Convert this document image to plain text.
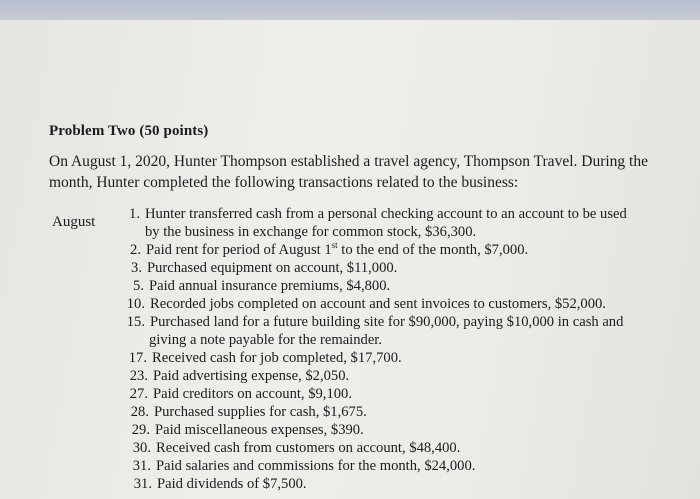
Problem Two (50 points)
On August 1, 2020, Hunter Thompson established a travel agency, Thompson Travel. During the month, Hunter completed the following transactions related to the business:
August	1. Hunter transferred cash from a personal checking account to an account to be used
by the business in exchange for common stock, $36,300.
2. Paid rent for period of August 1st to the end of the month, $7,000.
3. Purchased equipment on account, $11,000.
5. Paid annual insurance premiums, $4,800.
10. Recorded jobs completed on account and sent invoices to customers, $52,000.
15. Purchased land for a future building site for $90,000, paying $10,000 in cash and
giving a note payable for the remainder.
17. Received cash for job completed, $17,700.
23. Paid advertising expense, $2,050.
27. Paid creditors on account, $9,100.
28. Purchased supplies for cash, $1,675.
29. Paid miscellaneous expenses, $390.
30. Received cash from customers on account, $48,400.
31. Paid salaries and commissions for the month, $24,000.
31. Paid dividends of $7,500.
